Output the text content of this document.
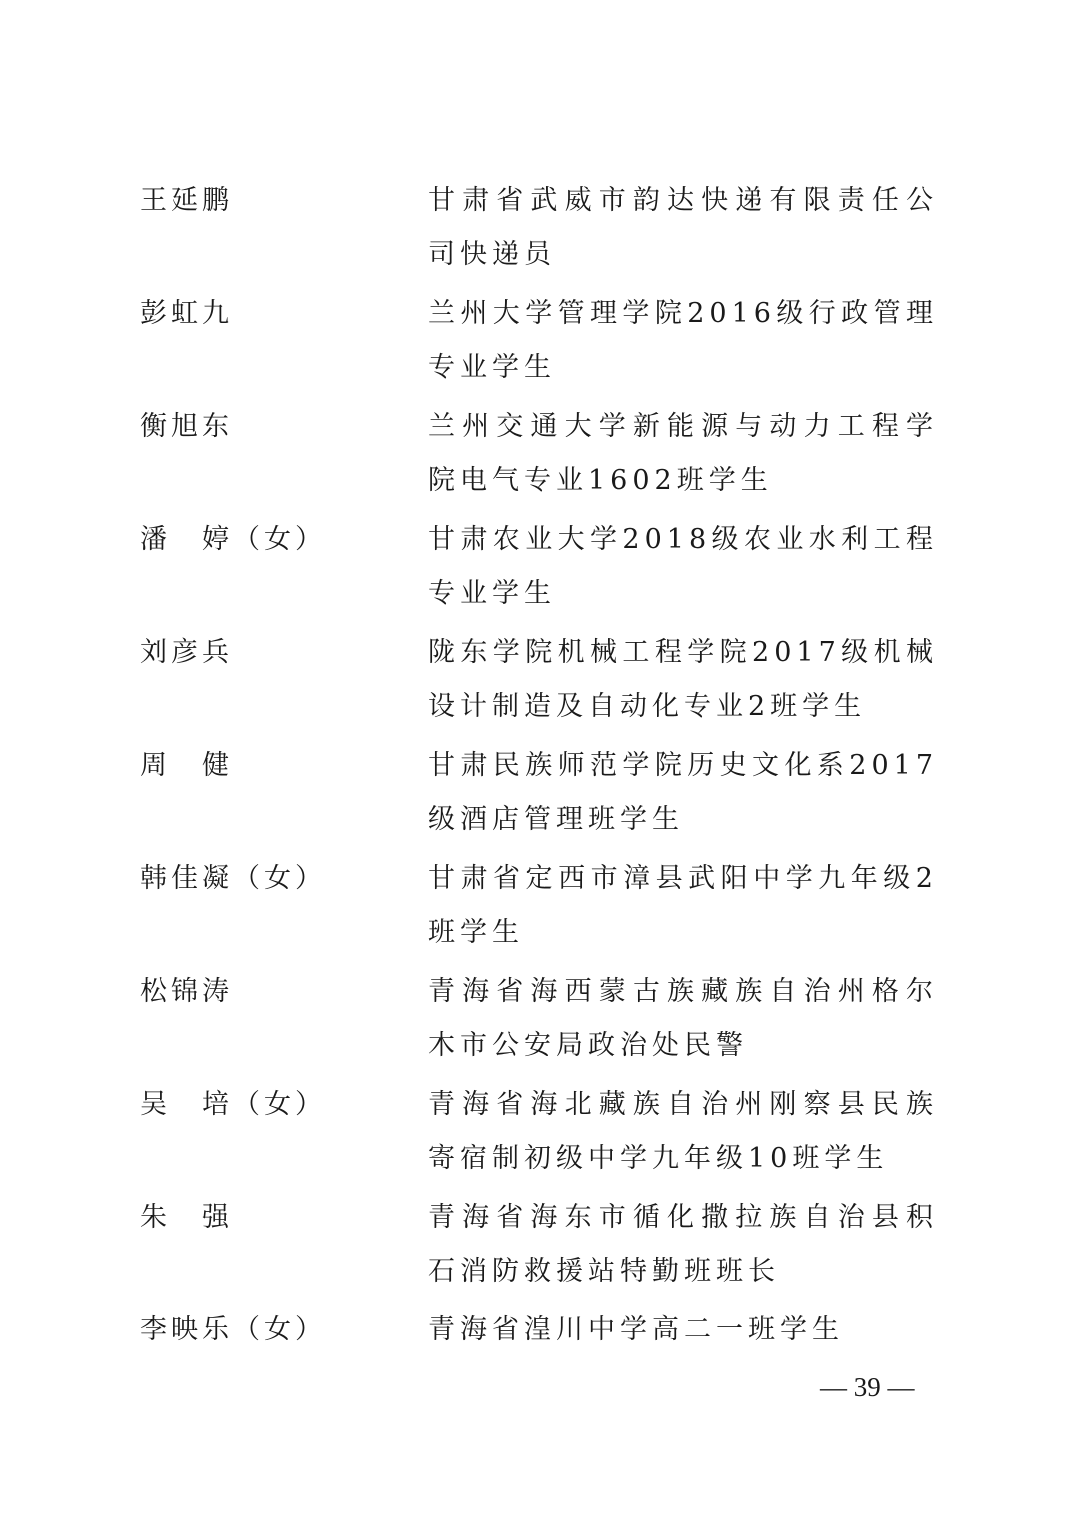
王延鹏	甘肃省武威市韵达快递有限责任公司快递员
彭虹九	兰州大学管理学院2016级行政管理专业学生
衡旭东	兰州交通大学新能源与动力工程学院电气专业1602班学生
潘　婷（女）	甘肃农业大学2018级农业水利工程专业学生
刘彦兵	陇东学院机械工程学院2017级机械设计制造及自动化专业2班学生
周　健	甘肃民族师范学院历史文化系2017级酒店管理班学生
韩佳凝（女）	甘肃省定西市漳县武阳中学九年级2班学生
松锦涛	青海省海西蒙古族藏族自治州格尔木市公安局政治处民警
吴　培（女）	青海省海北藏族自治州刚察县民族寄宿制初级中学九年级10班学生
朱　强	青海省海东市循化撒拉族自治县积石消防救援站特勤班班长
李映乐（女）	青海省湟川中学高二一班学生
— 39 —
